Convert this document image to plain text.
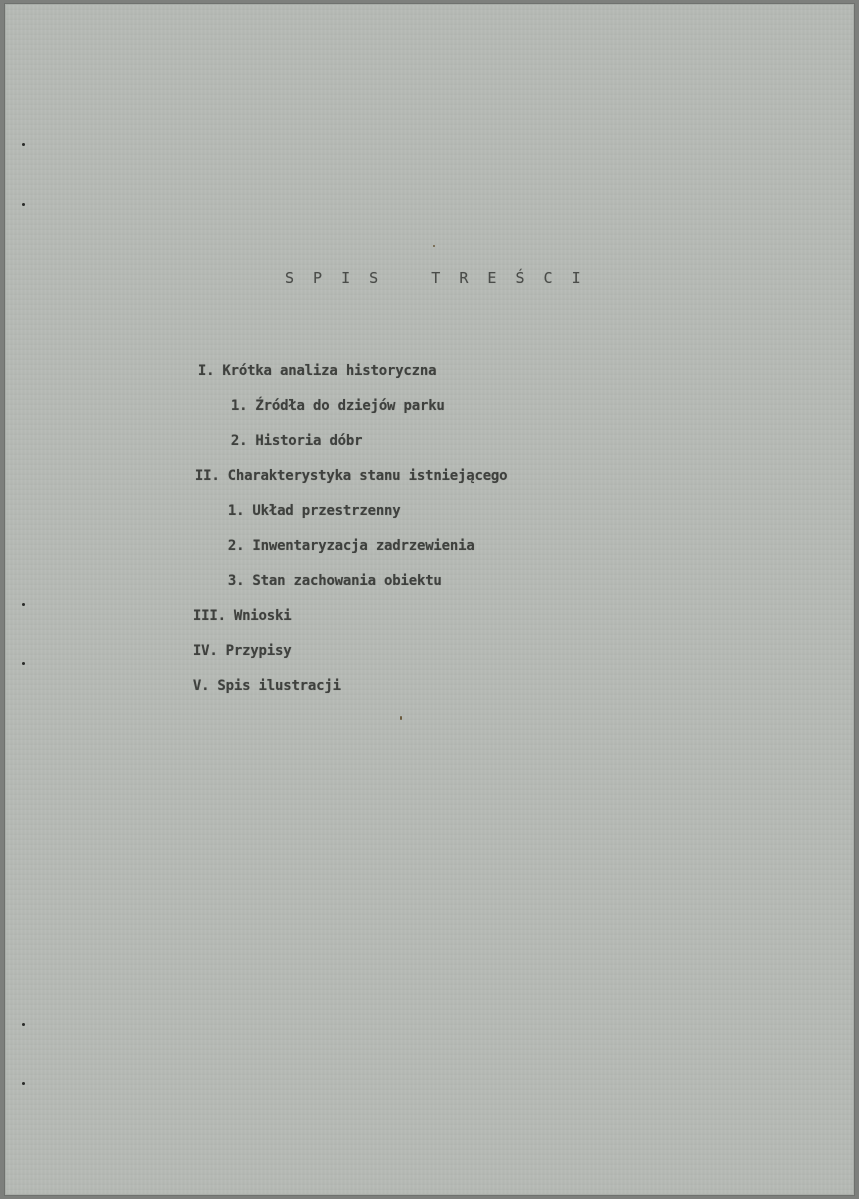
S P I S   T R E Ś C I

I. Krótka analiza historyczna

1. Źródła do dziejów parku

2. Historia dóbr

II. Charakterystyka stanu istniejącego

1. Układ przestrzenny

2. Inwentaryzacja zadrzewienia

3. Stan zachowania obiektu

III. Wnioski

IV. Przypisy

V. Spis ilustracji
